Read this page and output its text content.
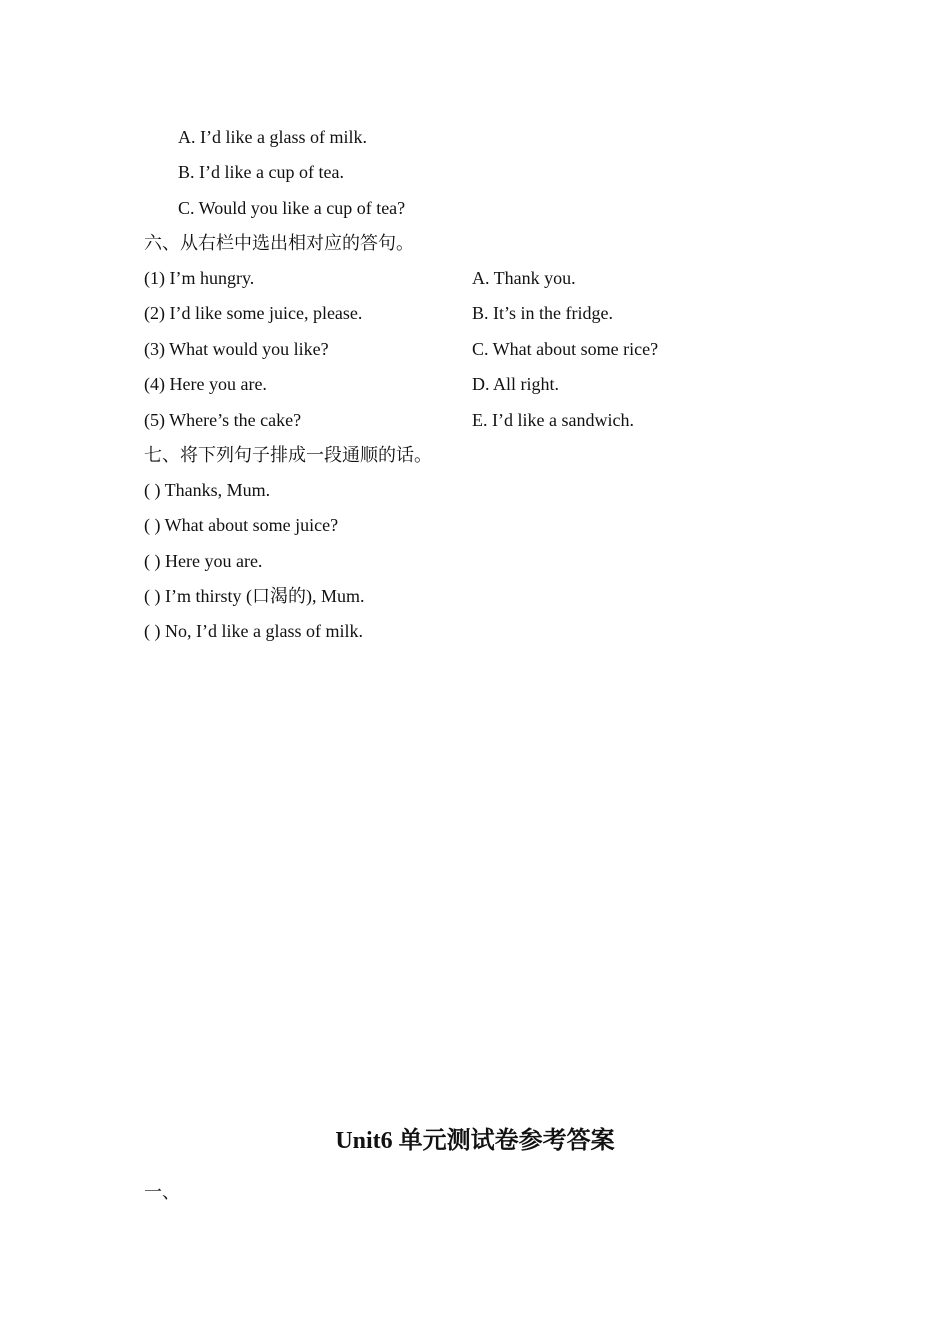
A. I’d like a glass of milk.
B. I’d like a cup of tea.
C. Would you like a cup of tea?
六、从右栏中选出相对应的答句。
(1) I’m hungry.	A. Thank you.
(2) I’d like some juice, please.	B. It’s in the fridge.
(3) What would you like?	C. What about some rice?
(4) Here you are.	D. All right.
(5) Where’s the cake?	E. I’d like a sandwich.
七、将下列句子排成一段通顺的话。
( ) Thanks, Mum.
( ) What about some juice?
( ) Here you are.
( ) I’m thirsty (口渴的), Mum.
( ) No, I’d like a glass of milk.
Unit6 单元测试卷参考答案
一、
